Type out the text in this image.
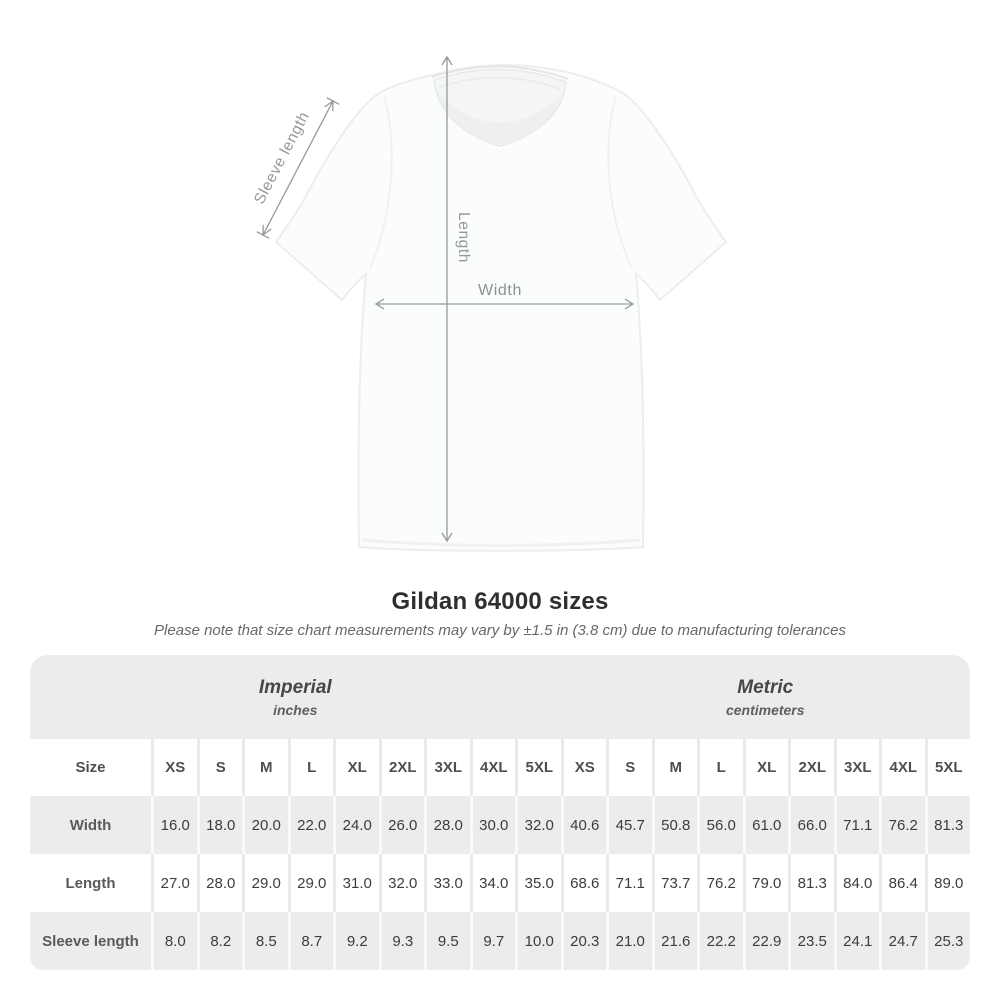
Length
Width
Sleeve length
Gildan 64000 sizes

Please note that size chart measurements may vary by ±1.5 in (3.8 cm) due to manufacturing tolerances

Imperial
inches

Metric
centimeters

Size	XS	S	M	L	XL	2XL	3XL	4XL	5XL	XS	S	M	L	XL	2XL	3XL	4XL	5XL
Width	16.0	18.0	20.0	22.0	24.0	26.0	28.0	30.0	32.0	40.6	45.7	50.8	56.0	61.0	66.0	71.1	76.2	81.3
Length	27.0	28.0	29.0	29.0	31.0	32.0	33.0	34.0	35.0	68.6	71.1	73.7	76.2	79.0	81.3	84.0	86.4	89.0
Sleeve length	8.0	8.2	8.5	8.7	9.2	9.3	9.5	9.7	10.0	20.3	21.0	21.6	22.2	22.9	23.5	24.1	24.7	25.3
